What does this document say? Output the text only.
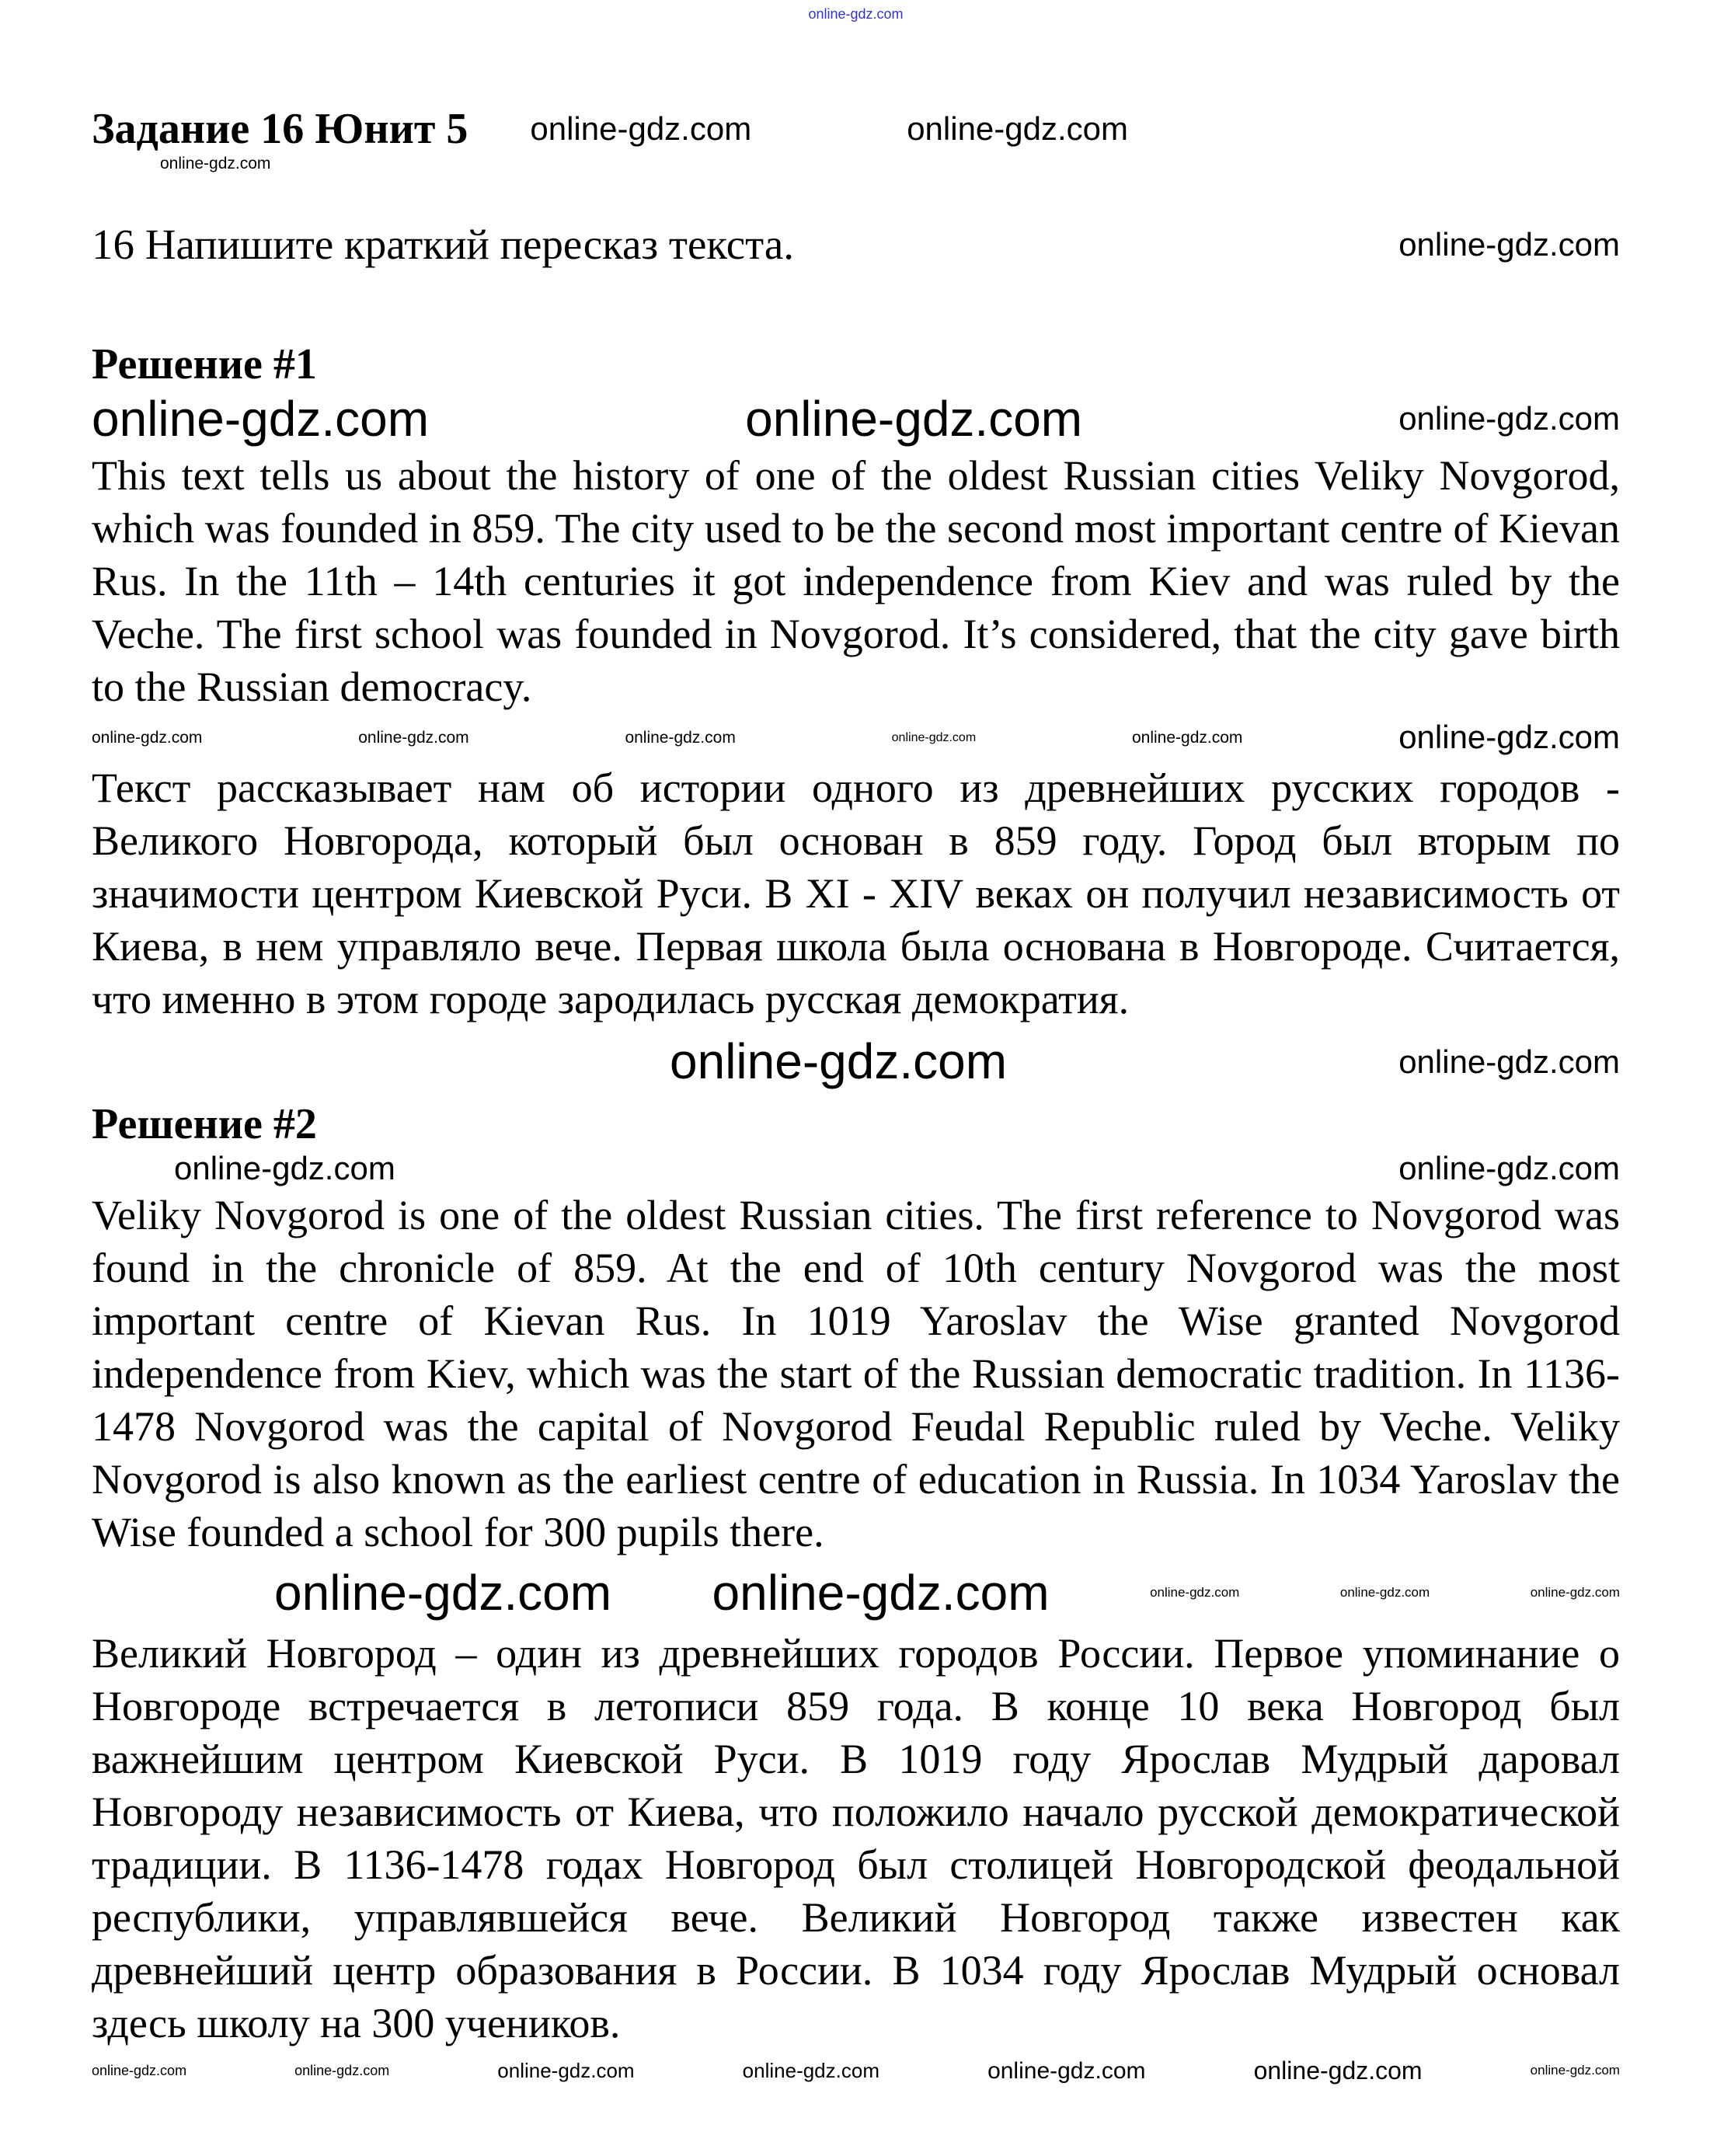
online-gdz.com
Задание 16 Юнит 5 online-gdz.com	online-gdz.com
online-gdz.com
16 Напишите краткий пересказ текста.	online-gdz.com
Решение #1
online-gdz.com	online-gdz.com	online-gdz.com

This text tells us about the history of one of the oldest Russian cities Veliky Novgorod, which was founded in 859. The city used to be the second most important centre of Kievan Rus. In the 11th – 14th centuries it got independence from Kiev and was ruled by the Veche. The first school was founded in Novgorod. It’s considered, that the city gave birth to the Russian democracy.

online-gdz.com	online-gdz.com	online-gdz.com	online-gdz.com	online-gdz.com	online-gdz.com

Текст рассказывает нам об истории одного из древнейших русских городов - Великого Новгорода, который был основан в 859 году. Город был вторым по значимости центром Киевской Руси. В XI - XIV веках он получил независимость от Киева, в нем управляло вече. Первая школа была основана в Новгороде. Считается, что именно в этом городе зародилась русская демократия.

online-gdz.com	online-gdz.com
Решение #2
online-gdz.com	online-gdz.com

Veliky Novgorod is one of the oldest Russian cities. The first reference to Novgorod was found in the chronicle of 859. At the end of 10th century Novgorod was the most important centre of Kievan Rus. In 1019 Yaroslav the Wise granted Novgorod independence from Kiev, which was the start of the Russian democratic tradition. In 1136-1478 Novgorod was the capital of Novgorod Feudal Republic ruled by Veche. Veliky Novgorod is also known as the earliest centre of education in Russia. In 1034 Yaroslav the Wise founded a school for 300 pupils there.

online-gdz.com online-gdz.com	online-gdz.com	online-gdz.com	online-gdz.com

Великий Новгород – один из древнейших городов России. Первое упоминание о Новгороде встречается в летописи 859 года. В конце 10 века Новгород был важнейшим центром Киевской Руси. В 1019 году Ярослав Мудрый даровал Новгороду независимость от Киева, что положило начало русской демократической традиции. В 1136-1478 годах Новгород был столицей Новгородской феодальной республики, управлявшейся вече. Великий Новгород также известен как древнейший центр образования в России. В 1034 году Ярослав Мудрый основал здесь школу на 300 учеников.

online-gdz.com	online-gdz.com	online-gdz.com	online-gdz.com	online-gdz.com	online-gdz.com	online-gdz.com
